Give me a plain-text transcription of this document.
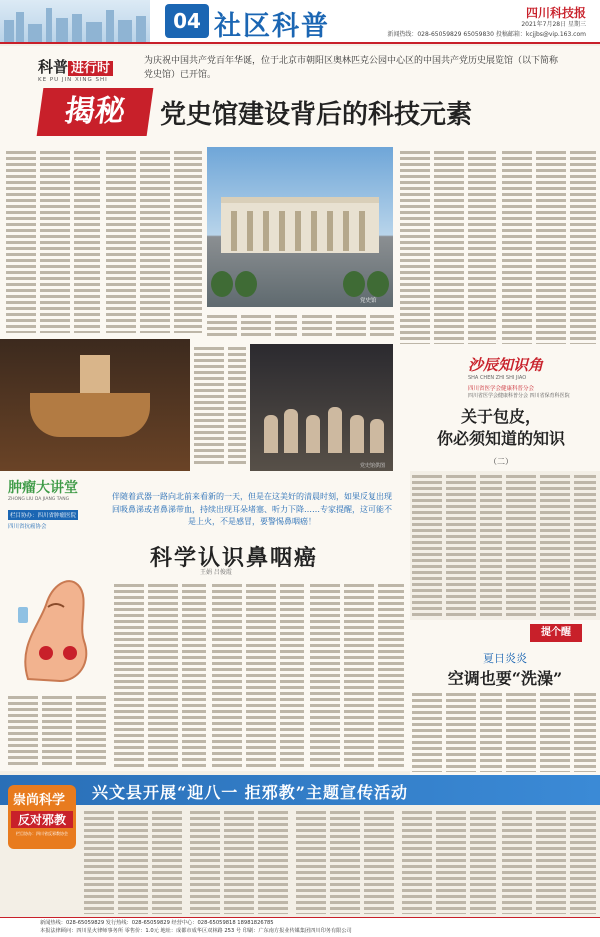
04 社区科普	四川科技报
2021年7月28日 星期三
新闻热线：028-65059829 65059830 投稿邮箱：kcjjbs@vip.163.com
科普 进行时
KE PU JIN XING SHI

为庆祝中国共产党百年华诞，位于北京市朝阳区奥林匹克公园中心区的中国共产党历史展览馆（以下简称党史馆）已开馆。

揭秘	党史馆建设背后的科技元素
党史馆
党史馆供图
沙辰知识角
SHA CHEN ZHI SHI JIAO
四川省医学会健康科普分会
四川省医学会健康科普分会 四川省保育科医院
关于包皮，
你必须知道的知识
（二）
肿瘤大讲堂
ZHONG LIU DA JIANG TANG
栏目协办：四川省肿瘤医院
四川省抗癌协会

伴随着武器一路向北前来看新的一天，但是在这美好的清晨时刻，如果反复出现回吸鼻涕或者鼻涕带血，持续出现耳朵堵塞、听力下降……专家提醒，这可能不是上火，不是感冒，要警惕鼻咽癌！

科学认识鼻咽癌
王娟 吕俊霞
提个醒
夏日炎炎
空调也要“洗澡”
兴文县开展“迎八一 拒邪教”主题宣传活动
崇尚科学
反对邪教
栏目协办：四川省反邪教协会
新闻热线：028-65059829 发行热线：028-65059829 经营中心：028-65059818 18981826785
本报法律顾问：四川星火律师事务所 零售价：1.0元 地址：成都市成华区双林路 253 号 印刷：广东南方报业传媒集团四川印务有限公司
